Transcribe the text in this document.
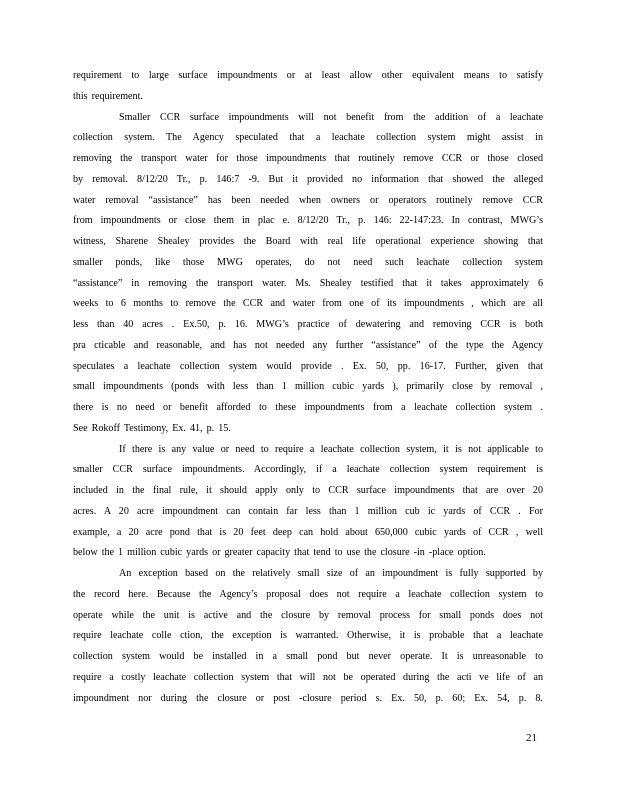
requirement to large surface impoundments or at least allow other equivalent means to satisfy
this requirement.

Smaller CCR surface impoundments will not benefit from the addition of a leachate
collection system. The Agency speculated that a leachate collection system might assist in
removing the transport water for those impoundments that routinely remove CCR or those closed
by removal. 8/12/20 Tr., p. 146:7 -9. But it provided no information that showed the alleged
water removal “assistance” has been needed when owners or operators routinely remove CCR
from impoundments or close them in plac e. 8/12/20 Tr., p. 146: 22-147:23. In contrast, MWG’s
witness, Sharene Shealey provides the Board with real life operational experience showing that
smaller ponds, like those MWG operates, do not need such leachate collection system
“assistance” in removing the transport water. Ms. Shealey testified that it takes approximately 6
weeks to 6 months to remove the CCR and water from one of its impoundments , which are all
less than 40 acres . Ex.50, p. 16. MWG’s practice of dewatering and removing CCR is both
pra cticable and reasonable, and has not needed any further “assistance” of the type the Agency
speculates a leachate collection system would provide . Ex. 50, pp. 16-17. Further, given that
small impoundments (ponds with less than 1 million cubic yards ), primarily close by removal ,
there is no need or benefit afforded to these impoundments from a leachate collection system .
See Rokoff Testimony, Ex. 41, p. 15.

If there is any value or need to require a leachate collection system, it is not applicable to
smaller CCR surface impoundments. Accordingly, if a leachate collection system requirement is
included in the final rule, it should apply only to CCR surface impoundments that are over 20
acres. A 20 acre impoundment can contain far less than 1 million cub ic yards of CCR . For
example, a 20 acre pond that is 20 feet deep can hold about 650,000 cubic yards of CCR , well
below the 1 million cubic yards or greater capacity that tend to use the closure -in -place option.

An exception based on the relatively small size of an impoundment is fully supported by
the record here. Because the Agency’s proposal does not require a leachate collection system to
operate while the unit is active and the closure by removal process for small ponds does not
require leachate colle ction, the exception is warranted. Otherwise, it is probable that a leachate
collection system would be installed in a small pond but never operate. It is unreasonable to
require a costly leachate collection system that will not be operated during the acti ve life of an
impoundment nor during the closure or post -closure period s. Ex. 50, p. 60; Ex. 54, p. 8.

21
